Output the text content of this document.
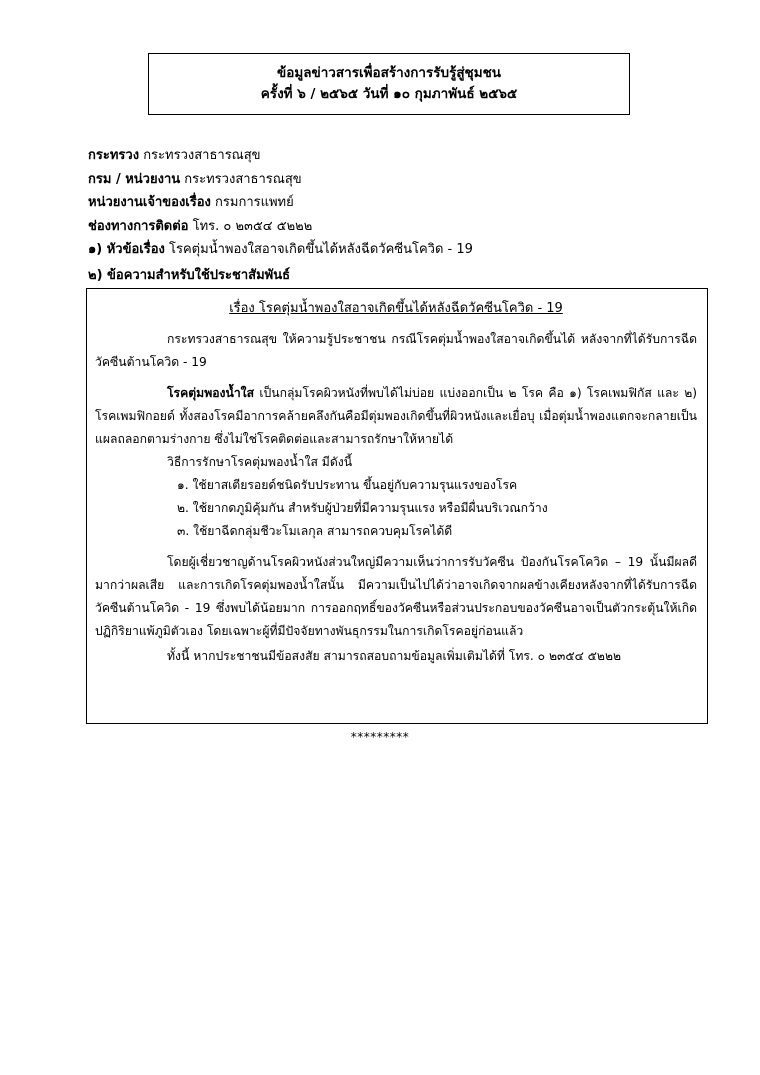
ข้อมูลข่าวสารเพื่อสร้างการรับรู้สู่ชุมชน
ครั้งที่ ๖ / ๒๕๖๕ วันที่ ๑๐ กุมภาพันธ์ ๒๕๖๕
กระทรวง กระทรวงสาธารณสุข
กรม / หน่วยงาน กระทรวงสาธารณสุข
หน่วยงานเจ้าของเรื่อง กรมการแพทย์
ช่องทางการติดต่อ โทร. ๐ ๒๓๕๔ ๕๒๒๒
๑) หัวข้อเรื่อง โรคตุ่มน้ำพองใสอาจเกิดขึ้นได้หลังฉีดวัคซีนโควิด - 19
๒) ข้อความสำหรับใช้ประชาสัมพันธ์

เรื่อง โรคตุ่มน้ำพองใสอาจเกิดขึ้นได้หลังฉีดวัคซีนโควิด - 19

กระทรวงสาธารณสุข ให้ความรู้ประชาชน กรณีโรคตุ่มน้ำพองใสอาจเกิดขึ้นได้ หลังจากที่ได้รับการฉีดวัคซีนต้านโควิด - 19

โรคตุ่มพองน้ำใส เป็นกลุ่มโรคผิวหนังที่พบได้ไม่บ่อย แบ่งออกเป็น ๒ โรค คือ ๑) โรคเพมฟิกัส และ ๒) โรคเพมฟิกอยด์ ทั้งสองโรคมีอาการคล้ายคลึงกันคือมีตุ่มพองเกิดขึ้นที่ผิวหนังและเยื่อบุ เมื่อตุ่มน้ำพองแตกจะกลายเป็นแผลถลอกตามร่างกาย ซึ่งไม่ใช่โรคติดต่อและสามารถรักษาให้หายได้

วิธีการรักษาโรคตุ่มพองน้ำใส มีดังนี้

๑. ใช้ยาสเตียรอยด์ชนิดรับประทาน ขึ้นอยู่กับความรุนแรงของโรค
๒. ใช้ยากดภูมิคุ้มกัน สำหรับผู้ป่วยที่มีความรุนแรง หรือมีผื่นบริเวณกว้าง
๓. ใช้ยาฉีดกลุ่มชีวะโมเลกุล สามารถควบคุมโรคได้ดี

โดยผู้เชี่ยวชาญด้านโรคผิวหนังส่วนใหญ่มีความเห็นว่าการรับวัคซีน ป้องกันโรคโควิด – 19 นั้นมีผลดีมากว่าผลเสีย และการเกิดโรคตุ่มพองน้ำใสนั้น มีความเป็นไปได้ว่าอาจเกิดจากผลข้างเคียงหลังจากที่ได้รับการฉีดวัคซีนต้านโควิด - 19 ซึ่งพบได้น้อยมาก การออกฤทธิ์ของวัคซีนหรือส่วนประกอบของวัคซีนอาจเป็นตัวกระตุ้นให้เกิดปฏิกิริยาแพ้ภูมิตัวเอง โดยเฉพาะผู้ที่มีปัจจัยทางพันธุกรรมในการเกิดโรคอยู่ก่อนแล้ว

ทั้งนี้ หากประชาชนมีข้อสงสัย สามารถสอบถามข้อมูลเพิ่มเติมได้ที่ โทร. ๐ ๒๓๕๔ ๕๒๒๒

*********
